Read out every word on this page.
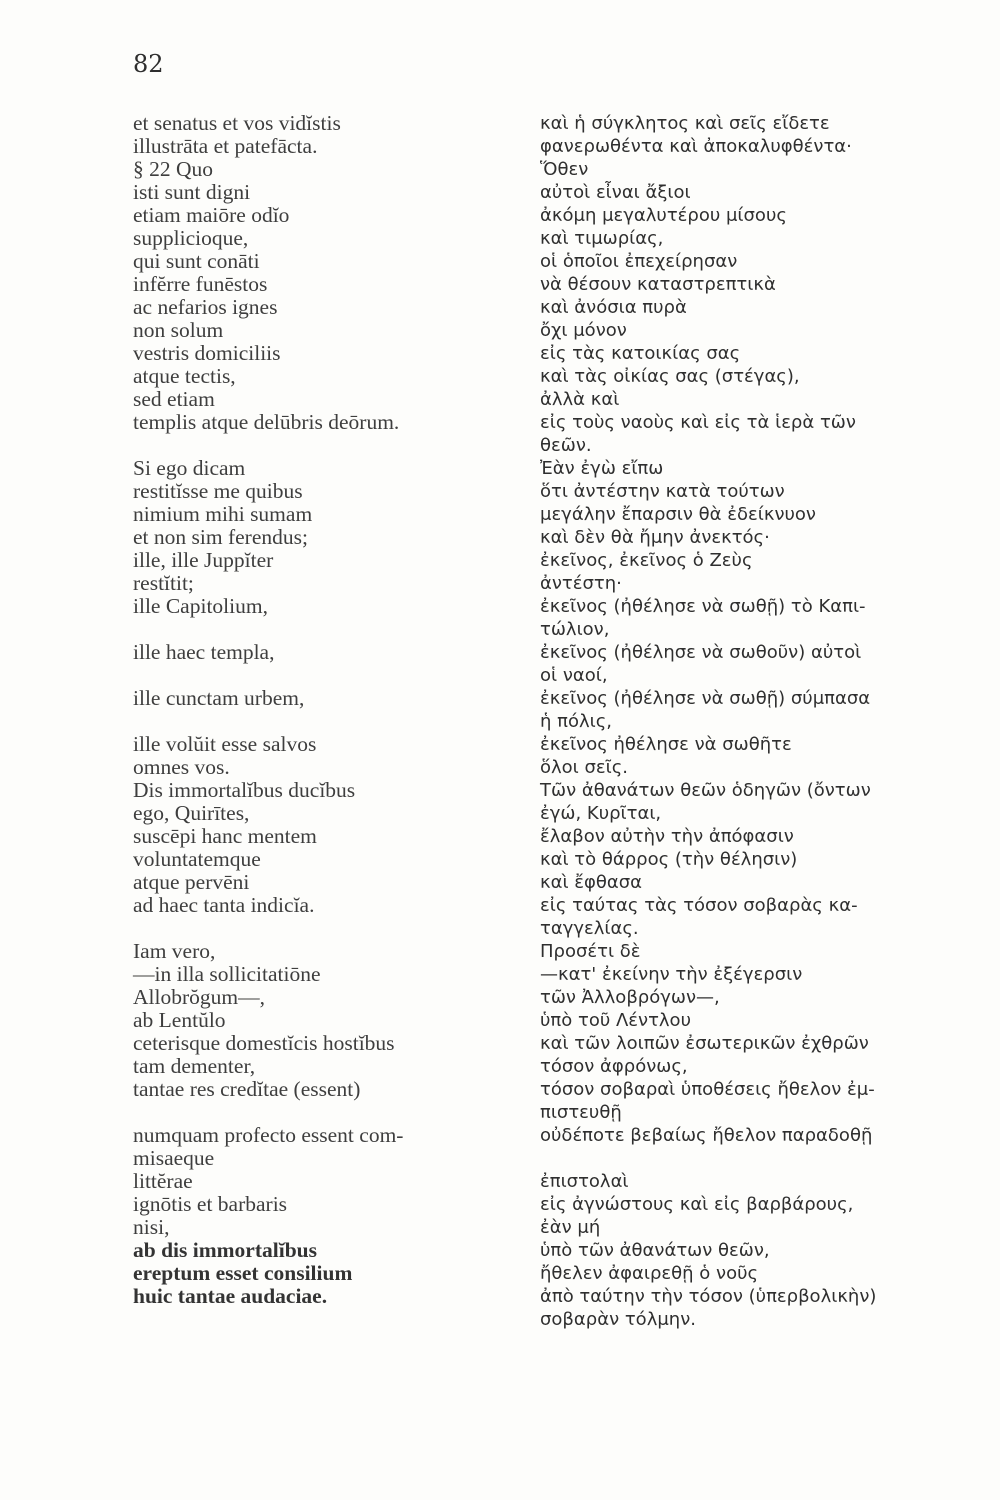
82
et senatus et vos vidĭstis
illustrāta et patefācta.
§ 22 Quo
isti sunt digni
etiam maiōre odĭo
supplicioque,
qui sunt conāti
infĕrre funēstos
ac nefarios ignes
non solum
vestris domiciliis
atque tectis,
sed etiam
templis atque delūbris deōrum.
Si ego dicam
restitĭsse me quibus
nimium mihi sumam
et non sim ferendus;
ille, ille Juppĭter
restĭtit;
ille Capitolium,
ille haec templa,
ille cunctam urbem,
ille volŭit esse salvos
omnes vos.
Dis immortalĭbus ducĭbus
ego, Quirītes,
suscēpi hanc mentem
voluntatemque
atque pervēni
ad haec tanta indicĭa.
Iam vero,
—in illa sollicitatiōne
Allobrŏgum—,
ab Lentŭlo
ceterisque domestĭcis hostĭbus
tam dementer,
tantae res credĭtae (essent)
numquam profecto essent com-
misaeque
littĕrae
ignōtis et barbaris
nisi,
ab dis immortalĭbus
ereptum esset consilium
huic tantae audaciae.
καὶ ἡ σύγκλητος καὶ σεῖς εἴδετε
φανερωθέντα καὶ ἀποκαλυφθέντα·
Ὅθεν
αὐτοὶ εἶναι ἄξιοι
ἀκόμη μεγαλυτέρου μίσους
καὶ τιμωρίας,
οἱ ὁποῖοι ἐπεχείρησαν
νὰ θέσουν καταστρεπτικὰ
καὶ ἀνόσια πυρὰ
ὄχι μόνον
εἰς τὰς κατοικίας σας
καὶ τὰς οἰκίας σας (στέγας),
ἀλλὰ καὶ
εἰς τοὺς ναοὺς καὶ εἰς τὰ ἱερὰ τῶν
θεῶν.
Ἐὰν ἐγὼ εἴπω
ὅτι ἀντέστην κατὰ τούτων
μεγάλην ἔπαρσιν θὰ ἐδείκνυον
καὶ δὲν θὰ ἤμην ἀνεκτός·
ἐκεῖνος, ἐκεῖνος ὁ Ζεὺς
ἀντέστη·
ἐκεῖνος (ἠθέλησε νὰ σωθῇ) τὸ Καπι-
τώλιον,
ἐκεῖνος (ἠθέλησε νὰ σωθοῦν) αὐτοὶ
οἱ ναοί,
ἐκεῖνος (ἠθέλησε νὰ σωθῇ) σύμπασα
ἡ πόλις,
ἐκεῖνος ἠθέλησε νὰ σωθῆτε
ὅλοι σεῖς.
Τῶν ἀθανάτων θεῶν ὁδηγῶν (ὄντων
ἐγώ, Κυρῖται,
ἔλαβον αὐτὴν τὴν ἀπόφασιν
καὶ τὸ θάρρος (τὴν θέλησιν)
καὶ ἔφθασα
εἰς ταύτας τὰς τόσον σοβαρὰς κα-
ταγγελίας.
Προσέτι δὲ
—κατ' ἐκείνην τὴν ἐξέγερσιν
τῶν Ἀλλοβρόγων—,
ὑπὸ τοῦ Λέντλου
καὶ τῶν λοιπῶν ἐσωτερικῶν ἐχθρῶν
τόσον ἀφρόνως,
τόσον σοβαραὶ ὑποθέσεις ἤθελον ἐμ-
πιστευθῇ
οὐδέποτε βεβαίως ἤθελον παραδοθῇ
ἐπιστολαὶ
εἰς ἀγνώστους καὶ εἰς βαρβάρους,
ἐὰν μή
ὑπὸ τῶν ἀθανάτων θεῶν,
ἤθελεν ἀφαιρεθῇ ὁ νοῦς
ἀπὸ ταύτην τὴν τόσον (ὑπερβολικὴν)
σοβαρὰν τόλμην.
